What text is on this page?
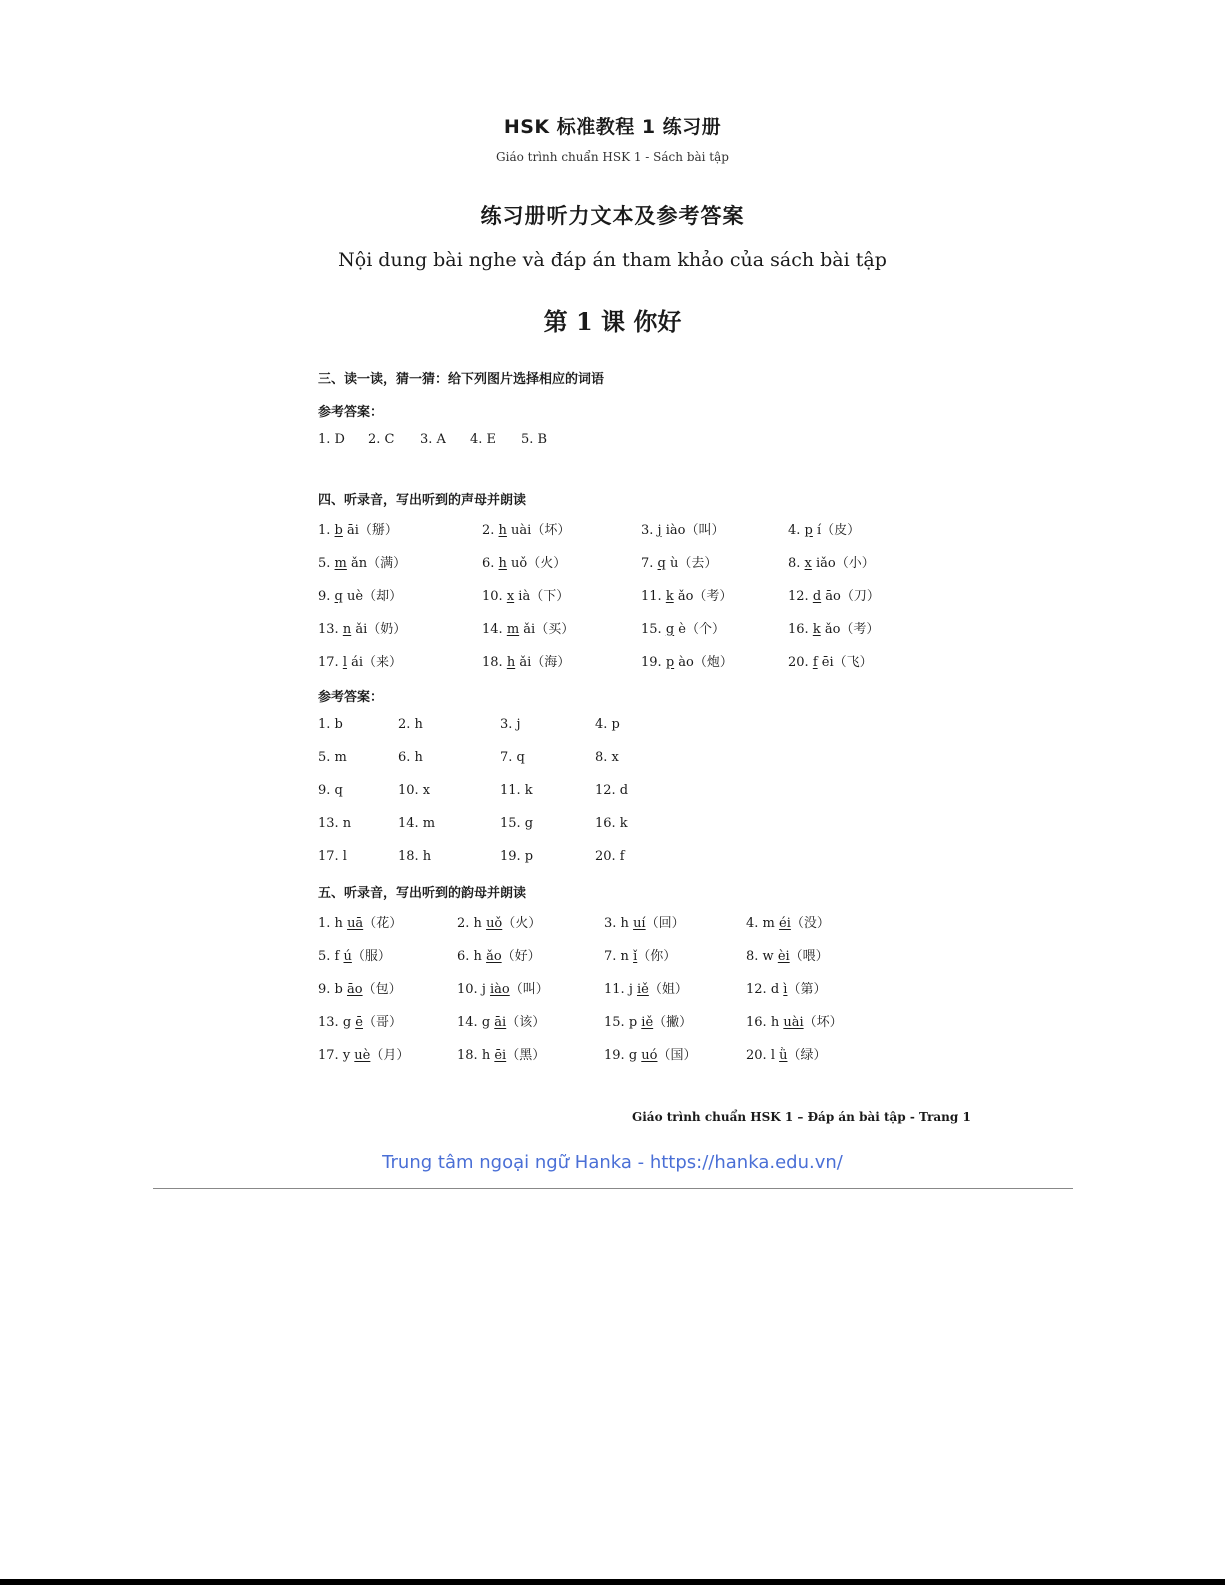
HSK 标准教程 1 练习册
Giáo trình chuẩn HSK 1 - Sách bài tập
练习册听力文本及参考答案
Nội dung bài nghe và đáp án tham khảo của sách bài tập
第 1 课 你好
三、读一读，猜一猜：给下列图片选择相应的词语
参考答案：
1. D 2. C 3. A 4. E 5. B
四、听录音，写出听到的声母并朗读
1. b āi（掰）	2. h uài（坏）	3. j iào（叫）	4. p í（皮）
5. m ǎn（满）	6. h uǒ（火）	7. q ù（去）	8. x iǎo（小）
9. q uè（却）	10. x ià（下）	11. k ǎo（考）	12. d āo（刀）
13. n ǎi（奶）	14. m ǎi（买）	15. g è（个）	16. k ǎo（考）
17. l ái（来）	18. h ǎi（海）	19. p ào（炮）	20. f ēi（飞）
参考答案：
1. b	2. h	3. j	4. p
5. m	6. h	7. q	8. x
9. q	10. x	11. k	12. d
13. n	14. m	15. g	16. k
17. l	18. h	19. p	20. f
五、听录音，写出听到的韵母并朗读
1. h uā（花）	2. h uǒ（火）	3. h uí（回）	4. m éi（没）
5. f ú（服）	6. h ǎo（好）	7. n ǐ（你）	8. w èi（喂）
9. b āo（包）	10. j iào（叫）	11. j iě（姐）	12. d ì（第）
13. g ē（哥）	14. g āi（该）	15. p iě（撇）	16. h uài（坏）
17. y uè（月）	18. h ēi（黑）	19. g uó（国）	20. l ǜ（绿）
Giáo trình chuẩn HSK 1 – Đáp án bài tập - Trang 1
Trung tâm ngoại ngữ Hanka - https://hanka.edu.vn/
